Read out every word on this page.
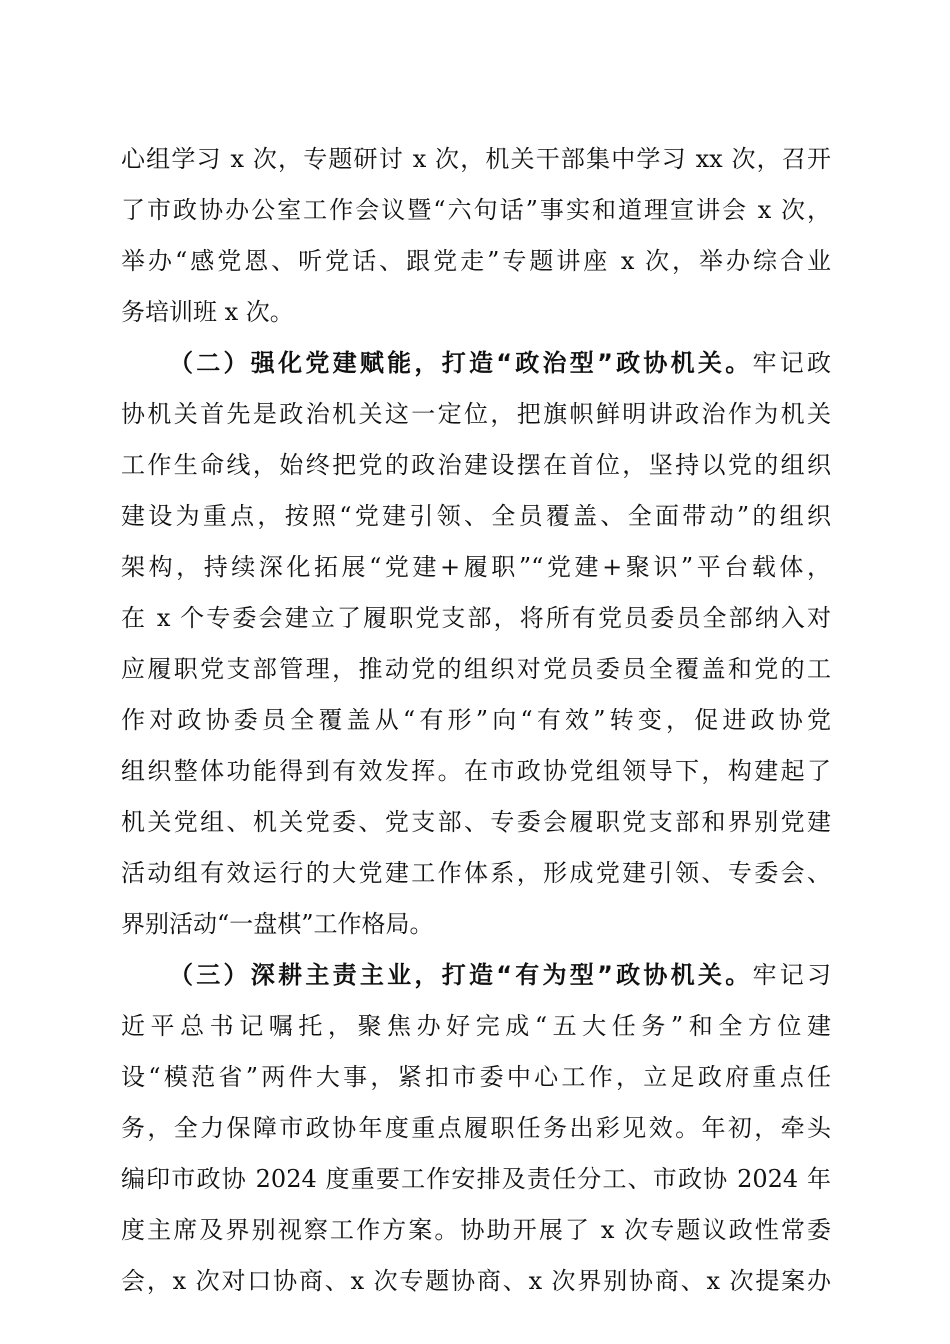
心组学习 x 次，专题研讨 x 次，机关干部集中学习 xx 次，召开
了市政协办公室工作会议暨“六句话”事实和道理宣讲会 x 次，
举办“感党恩、听党话、跟党走”专题讲座 x 次，举办综合业
务培训班 x 次。
（二）强化党建赋能，打造“政治型”政协机关。牢记政
协机关首先是政治机关这一定位，把旗帜鲜明讲政治作为机关
工作生命线，始终把党的政治建设摆在首位，坚持以党的组织
建设为重点，按照“党建引领、全员覆盖、全面带动”的组织
架构，持续深化拓展“党建+履职”“党建+聚识”平台载体，
在 x 个专委会建立了履职党支部，将所有党员委员全部纳入对
应履职党支部管理，推动党的组织对党员委员全覆盖和党的工
作对政协委员全覆盖从“有形”向“有效”转变，促进政协党
组织整体功能得到有效发挥。在市政协党组领导下，构建起了
机关党组、机关党委、党支部、专委会履职党支部和界别党建
活动组有效运行的大党建工作体系，形成党建引领、专委会、
界别活动“一盘棋”工作格局。
（三）深耕主责主业，打造“有为型”政协机关。牢记习
近平总书记嘱托，聚焦办好完成“五大任务”和全方位建
设“模范省”两件大事，紧扣市委中心工作，立足政府重点任
务，全力保障市政协年度重点履职任务出彩见效。年初，牵头
编印市政协 2024 度重要工作安排及责任分工、市政协 2024 年
度主席及界别视察工作方案。协助开展了 x 次专题议政性常委
会，x 次对口协商、x 次专题协商、x 次界别协商、x 次提案办
